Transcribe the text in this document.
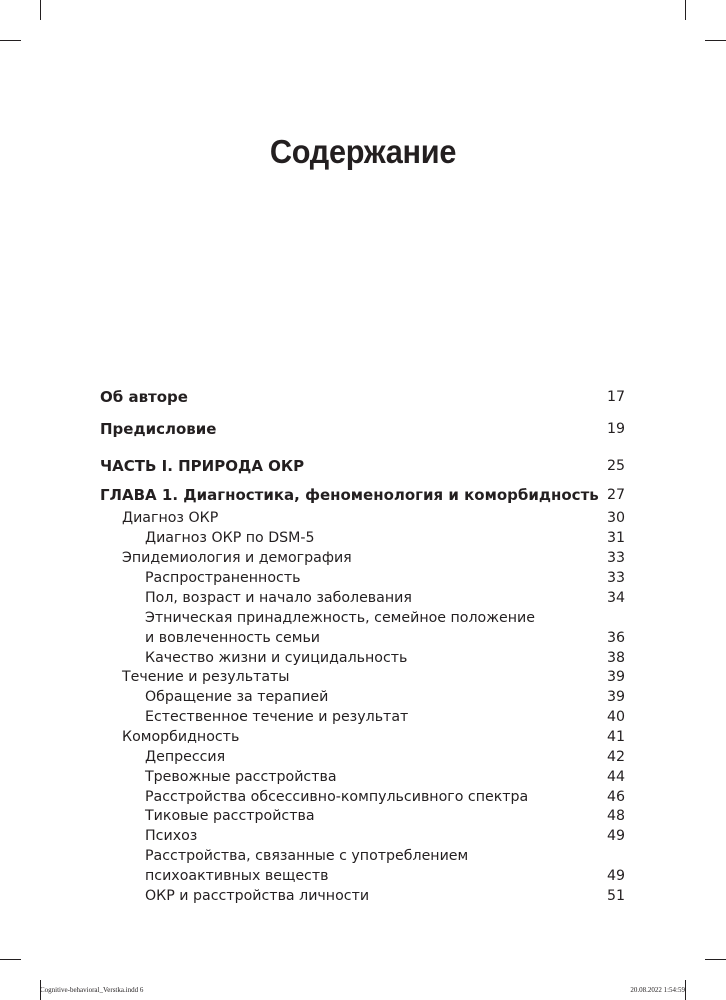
Содержание
Об авторе	17
Предисловие	19
ЧАСТЬ I. ПРИРОДА ОКР	25
ГЛАВА 1. Диагностика, феноменология и коморбидность 27
Диагноз ОКР	30
Диагноз ОКР по DSM-5	31
Эпидемиология и демография	33
Распространенность	33
Пол, возраст и начало заболевания	34
Этническая принадлежность, семейное положение
и вовлеченность семьи	36
Качество жизни и суицидальность	38
Течение и результаты	39
Обращение за терапией	39
Естественное течение и результат	40
Коморбидность	41
Депрессия	42
Тревожные расстройства	44
Расстройства обсессивно-компульсивного спектра	46
Тиковые расстройства	48
Психоз	49
Расстройства, связанные с употреблением
психоактивных веществ	49
ОКР и расстройства личности	51
Cognitive-behavioral_Verstka.indd 6	20.08.2022 1:54:59
